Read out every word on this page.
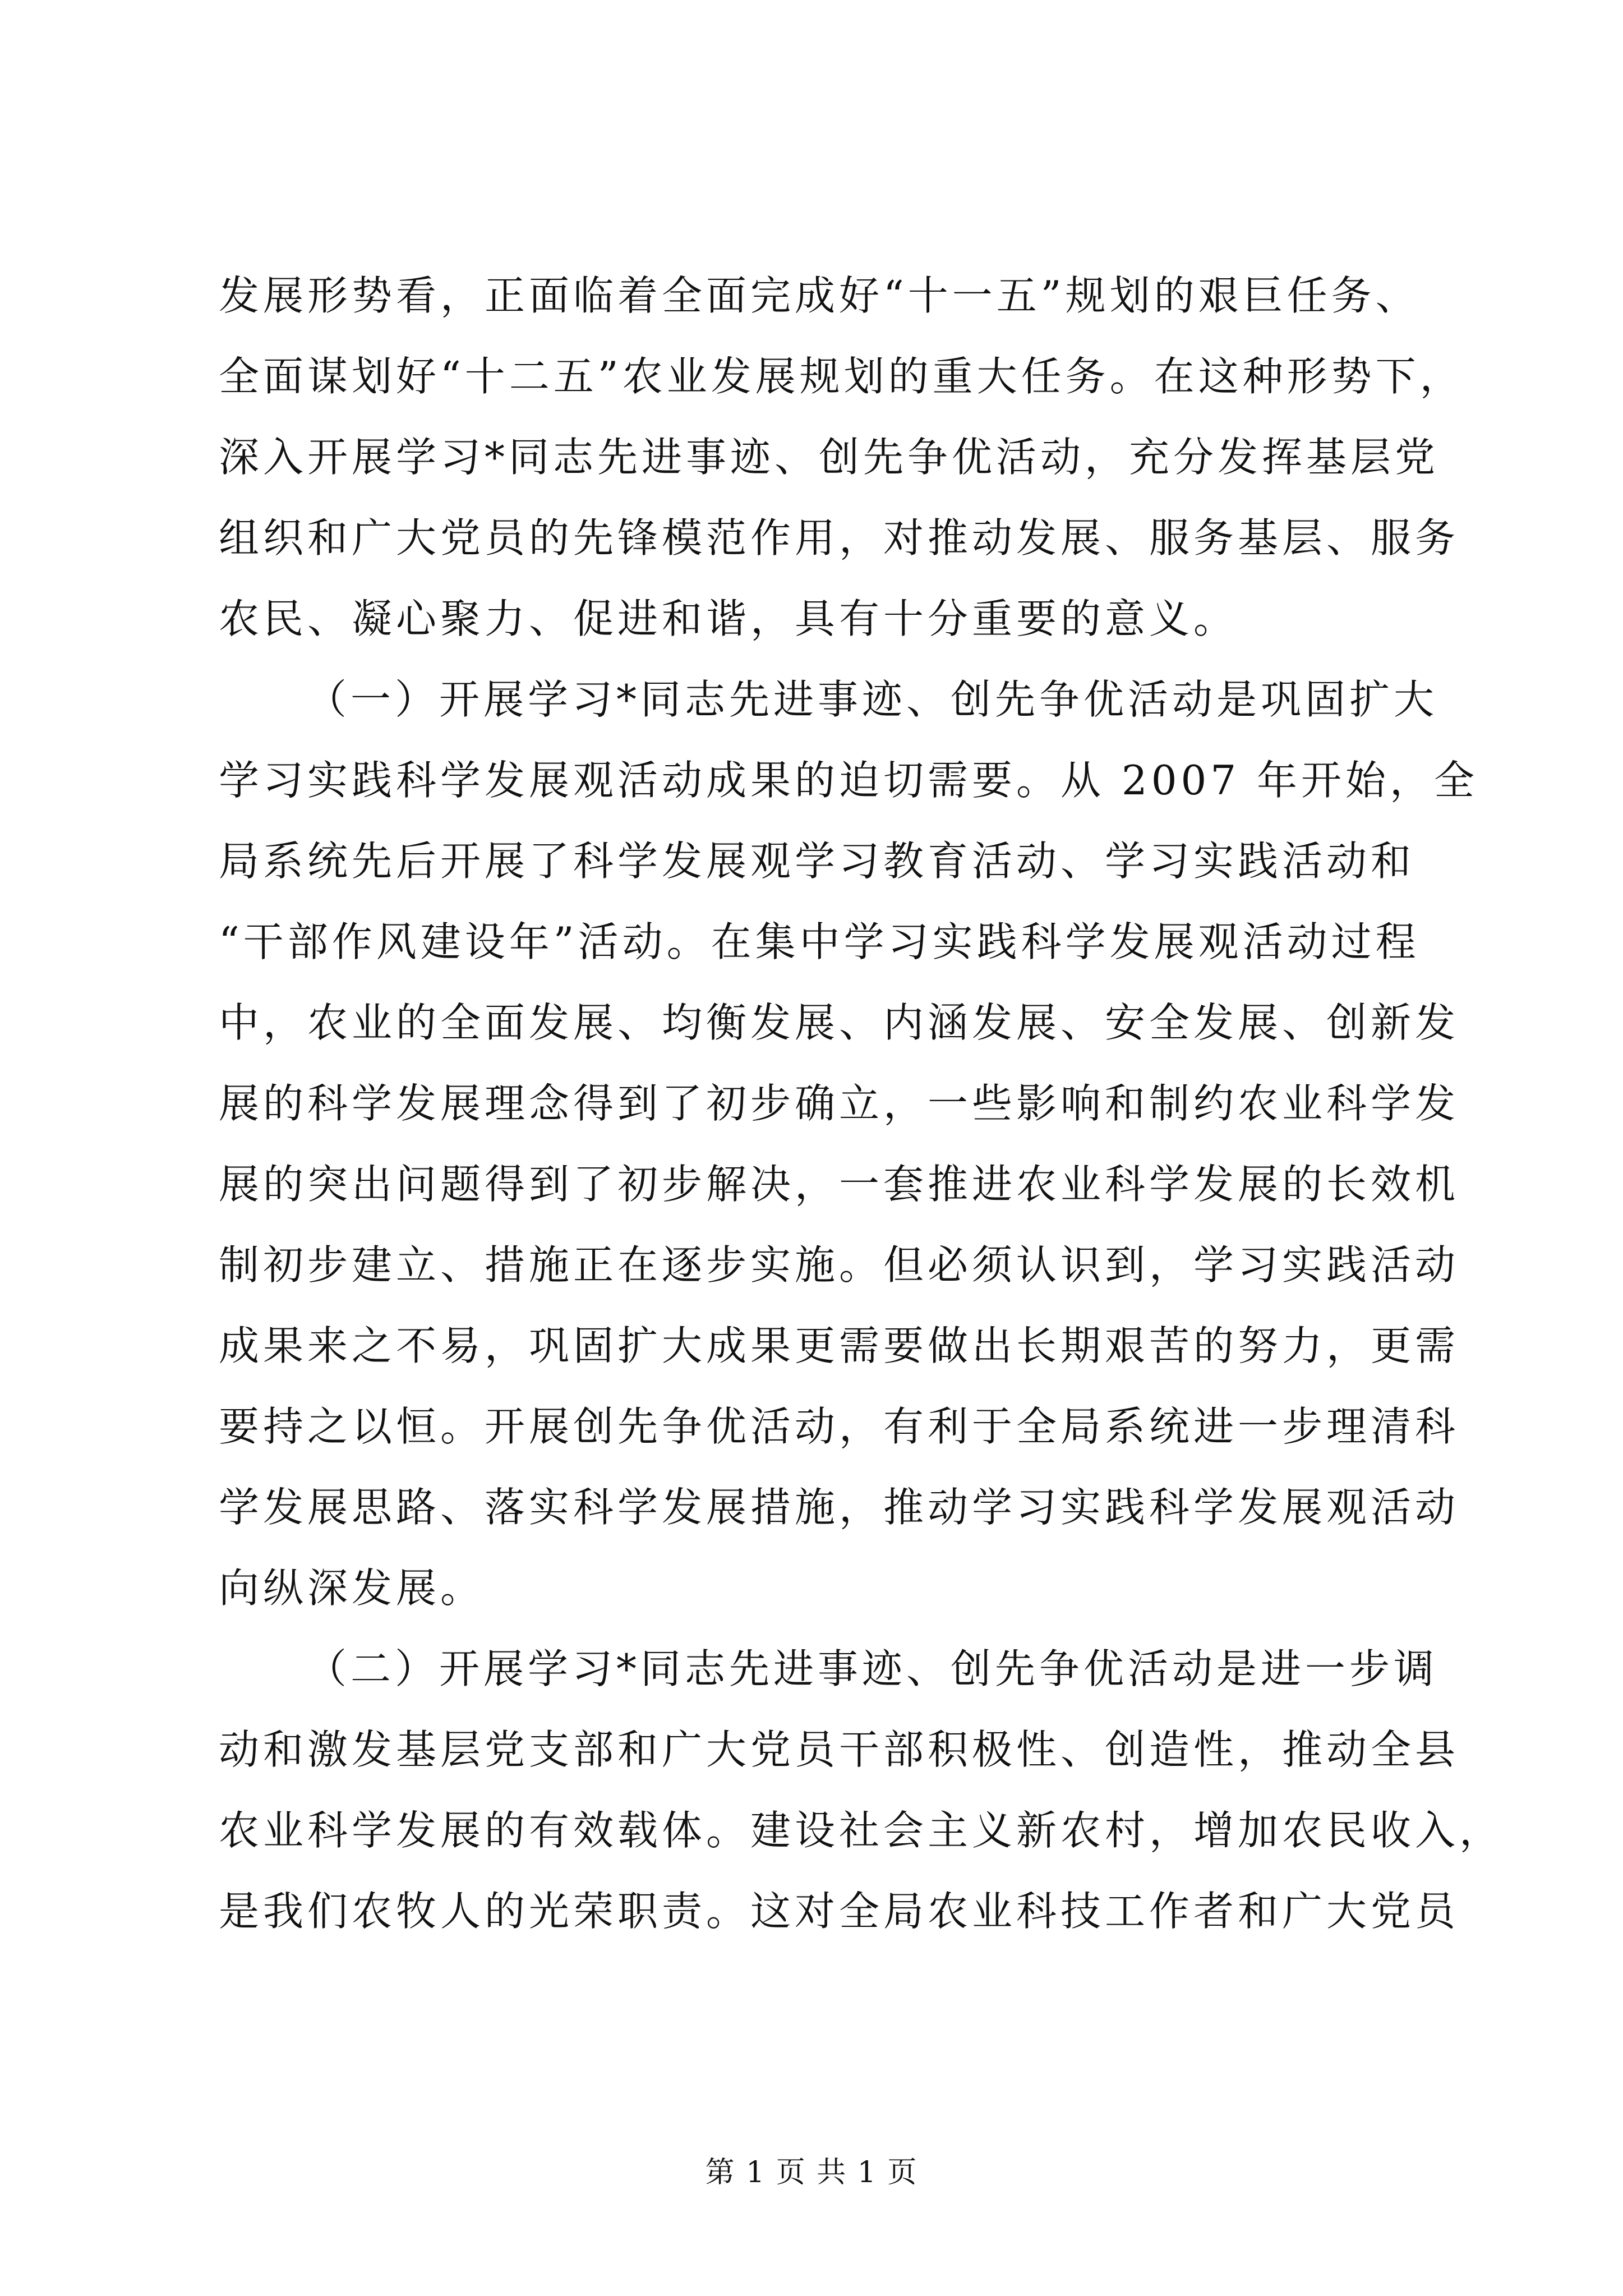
发展形势看，正面临着全面完成好“十一五”规划的艰巨任务、
全面谋划好“十二五”农业发展规划的重大任务。在这种形势下，
深入开展学习*同志先进事迹、创先争优活动，充分发挥基层党
组织和广大党员的先锋模范作用，对推动发展、服务基层、服务
农民、凝心聚力、促进和谐，具有十分重要的意义。
（一）开展学习*同志先进事迹、创先争优活动是巩固扩大
学习实践科学发展观活动成果的迫切需要。从 2007 年开始，全
局系统先后开展了科学发展观学习教育活动、学习实践活动和
“干部作风建设年”活动。在集中学习实践科学发展观活动过程
中，农业的全面发展、均衡发展、内涵发展、安全发展、创新发
展的科学发展理念得到了初步确立，一些影响和制约农业科学发
展的突出问题得到了初步解决，一套推进农业科学发展的长效机
制初步建立、措施正在逐步实施。但必须认识到，学习实践活动
成果来之不易，巩固扩大成果更需要做出长期艰苦的努力，更需
要持之以恒。开展创先争优活动，有利于全局系统进一步理清科
学发展思路、落实科学发展措施，推动学习实践科学发展观活动
向纵深发展。
（二）开展学习*同志先进事迹、创先争优活动是进一步调
动和激发基层党支部和广大党员干部积极性、创造性，推动全县
农业科学发展的有效载体。建设社会主义新农村，增加农民收入，
是我们农牧人的光荣职责。这对全局农业科技工作者和广大党员
第 1 页 共 1 页
